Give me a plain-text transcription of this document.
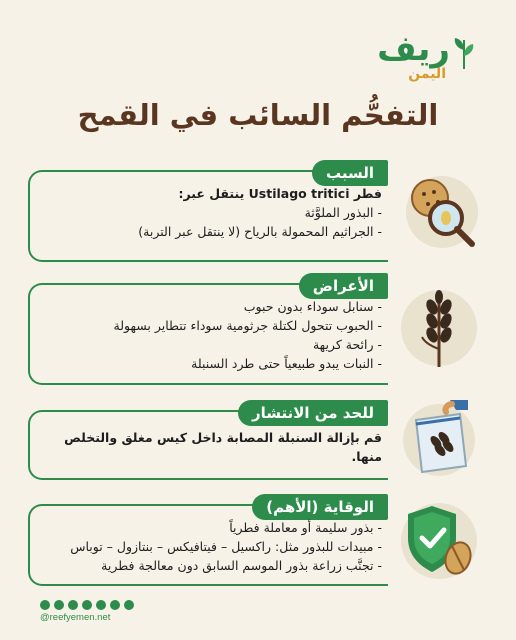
ريف
اليمن
التفحُّم السائب في القمح
السبب

فطر Ustilago tritici ينتقل عبر:

- البذور الملوَّثة

- الجراثيم المحمولة بالرياح (لا ينتقل عبر التربة)

الأعراض

- سنابل سوداء بدون حبوب

- الحبوب تتحول لكتلة جرثومية سوداء تتطاير بسهولة

- رائحة كريهة

- النبات يبدو طبيعياً حتى طرد السنبلة

للحد من الانتشار

قم بإزالة السنبلة المصابة داخل كيس مغلق والتخلص منها.

الوقاية (الأهم)

- بذور سليمة أو معاملة فطرياً

- مبيدات للبذور مثل: راكسيل – فيتافيكس – بنتازول – توباس

- تجنَّب زراعة بذور الموسم السابق دون معالجة فطرية

@reefyemen.net
